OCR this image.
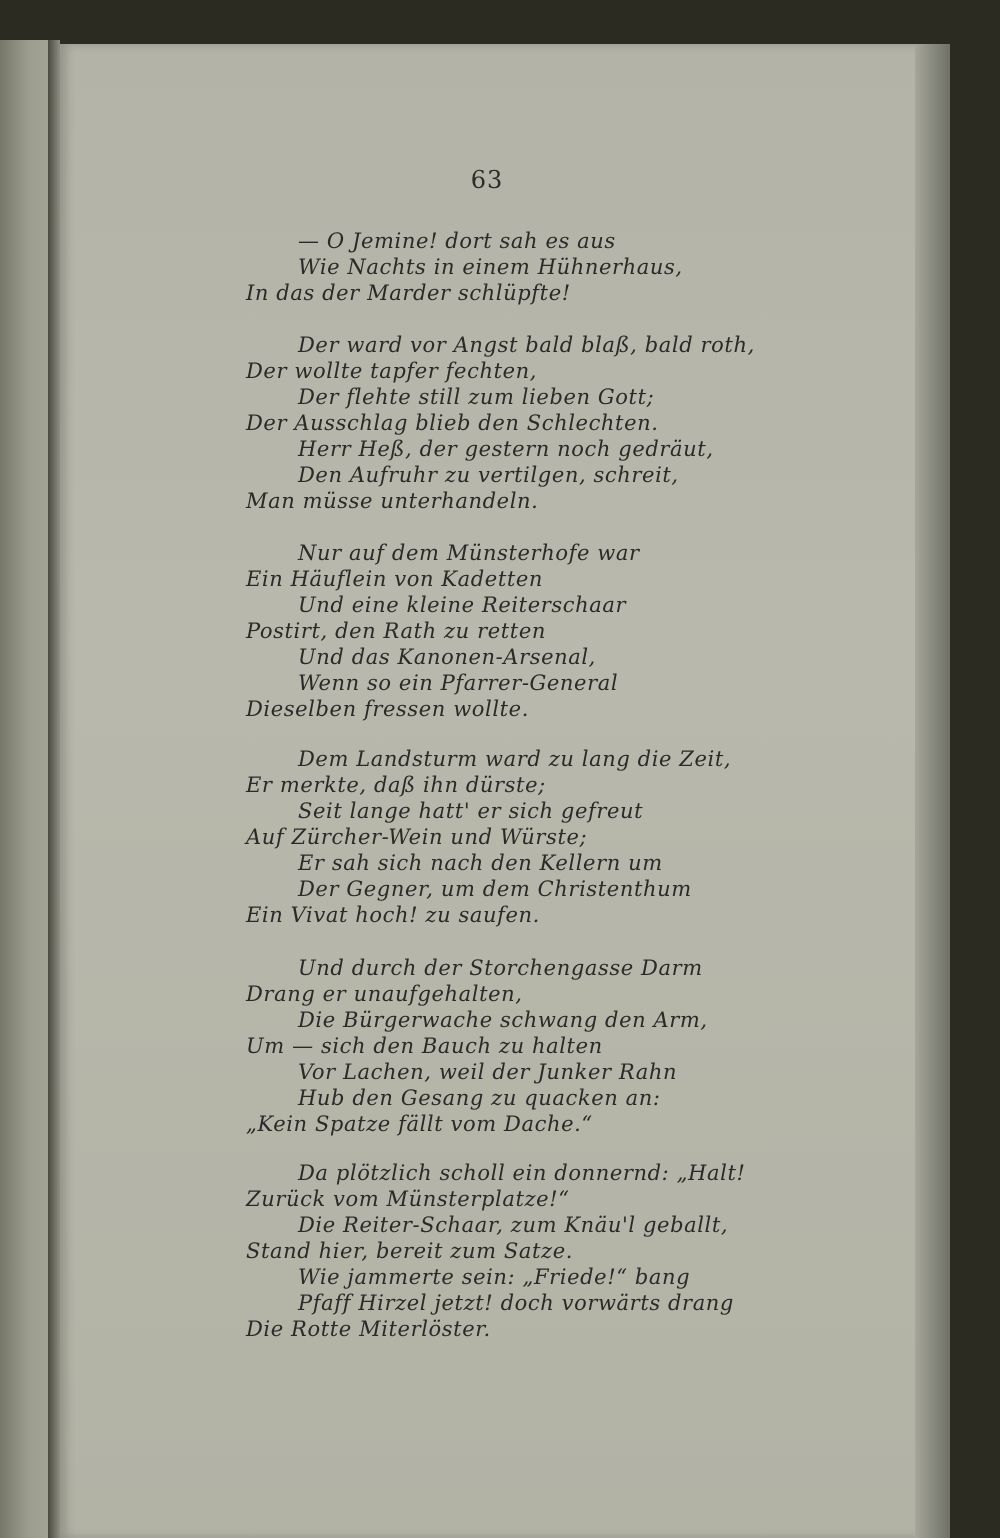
63
— O Jemine! dort sah es aus
Wie Nachts in einem Hühnerhaus,
In das der Marder schlüpfte!
Der ward vor Angst bald blaß, bald roth,
Der wollte tapfer fechten,
Der flehte still zum lieben Gott;
Der Ausschlag blieb den Schlechten.
Herr Heß, der gestern noch gedräut,
Den Aufruhr zu vertilgen, schreit,
Man müsse unterhandeln.
Nur auf dem Münsterhofe war
Ein Häuflein von Kadetten
Und eine kleine Reiterschaar
Postirt, den Rath zu retten
Und das Kanonen-Arsenal,
Wenn so ein Pfarrer-General
Dieselben fressen wollte.
Dem Landsturm ward zu lang die Zeit,
Er merkte, daß ihn dürste;
Seit lange hatt' er sich gefreut
Auf Zürcher-Wein und Würste;
Er sah sich nach den Kellern um
Der Gegner, um dem Christenthum
Ein Vivat hoch! zu saufen.
Und durch der Storchengasse Darm
Drang er unaufgehalten,
Die Bürgerwache schwang den Arm,
Um — sich den Bauch zu halten
Vor Lachen, weil der Junker Rahn
Hub den Gesang zu quacken an:
„Kein Spatze fällt vom Dache.“
Da plötzlich scholl ein donnernd: „Halt!
Zurück vom Münsterplatze!“
Die Reiter-Schaar, zum Knäu'l geballt,
Stand hier, bereit zum Satze.
Wie jammerte sein: „Friede!“ bang
Pfaff Hirzel jetzt! doch vorwärts drang
Die Rotte Miterlöster.
